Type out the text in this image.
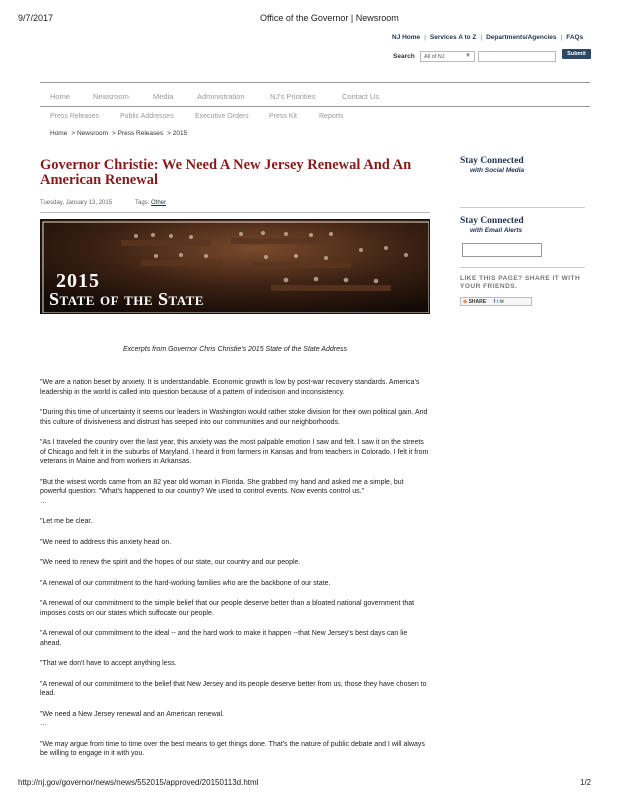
9/7/2017	Office of the Governor | Newsroom
NJ Home | Services A to Z | Departments/Agencies | FAQs
Search	All of NJ	▼	Submit
Home	Newsroom	Media	Administration	NJ's Priorities	Contact Us
Press Releases	Public Addresses	Executive Orders	Press Kit	Reports
Home > Newsroom > Press Releases > 2015
Governor Christie: We Need A New Jersey Renewal And An American Renewal
Tuesday, January 13, 2015	Tags: Other
2015
State of the State
Excerpts from Governor Chris Christie's 2015 State of the State Address

"We are a nation beset by anxiety. It is understandable. Economic growth is low by post-war recovery standards. America's leadership in the world is called into question because of a pattern of indecision and inconsistency.

"During this time of uncertainty it seems our leaders in Washington would rather stoke division for their own political gain. And this culture of divisiveness and distrust has seeped into our communities and our neighborhoods.

"As I traveled the country over the last year, this anxiety was the most palpable emotion I saw and felt. I saw it on the streets of Chicago and felt it in the suburbs of Maryland. I heard it from farmers in Kansas and from teachers in Colorado. I felt it from veterans in Maine and from workers in Arkansas.

"But the wisest words came from an 82 year old woman in Florida. She grabbed my hand and asked me a simple, but powerful question: "What's happened to our country? We used to control events. Now events control us."

…

"Let me be clear.

"We need to address this anxiety head on.

"We need to renew the spirit and the hopes of our state, our country and our people.

"A renewal of our commitment to the hard-working families who are the backbone of our state.

"A renewal of our commitment to the simple belief that our people deserve better than a bloated national government that imposes costs on our states which suffocate our people.

"A renewal of our commitment to the ideal -- and the hard work to make it happen --that New Jersey's best days can lie ahead.

"That we don't have to accept anything less.

"A renewal of our commitment to the belief that New Jersey and its people deserve better from us, those they have chosen to lead.

"We need a New Jersey renewal and an American renewal.

…

"We may argue from time to time over the best means to get things done. That's the nature of public debate and I will always be willing to engage in it with you.

Stay Connected
with Social Media
Stay Connected
with Email Alerts
LIKE THIS PAGE? SHARE IT WITH YOUR FRIENDS.
⊕ SHARE f t ✉
http://nj.gov/governor/news/news/552015/approved/20150113d.html	1/2
